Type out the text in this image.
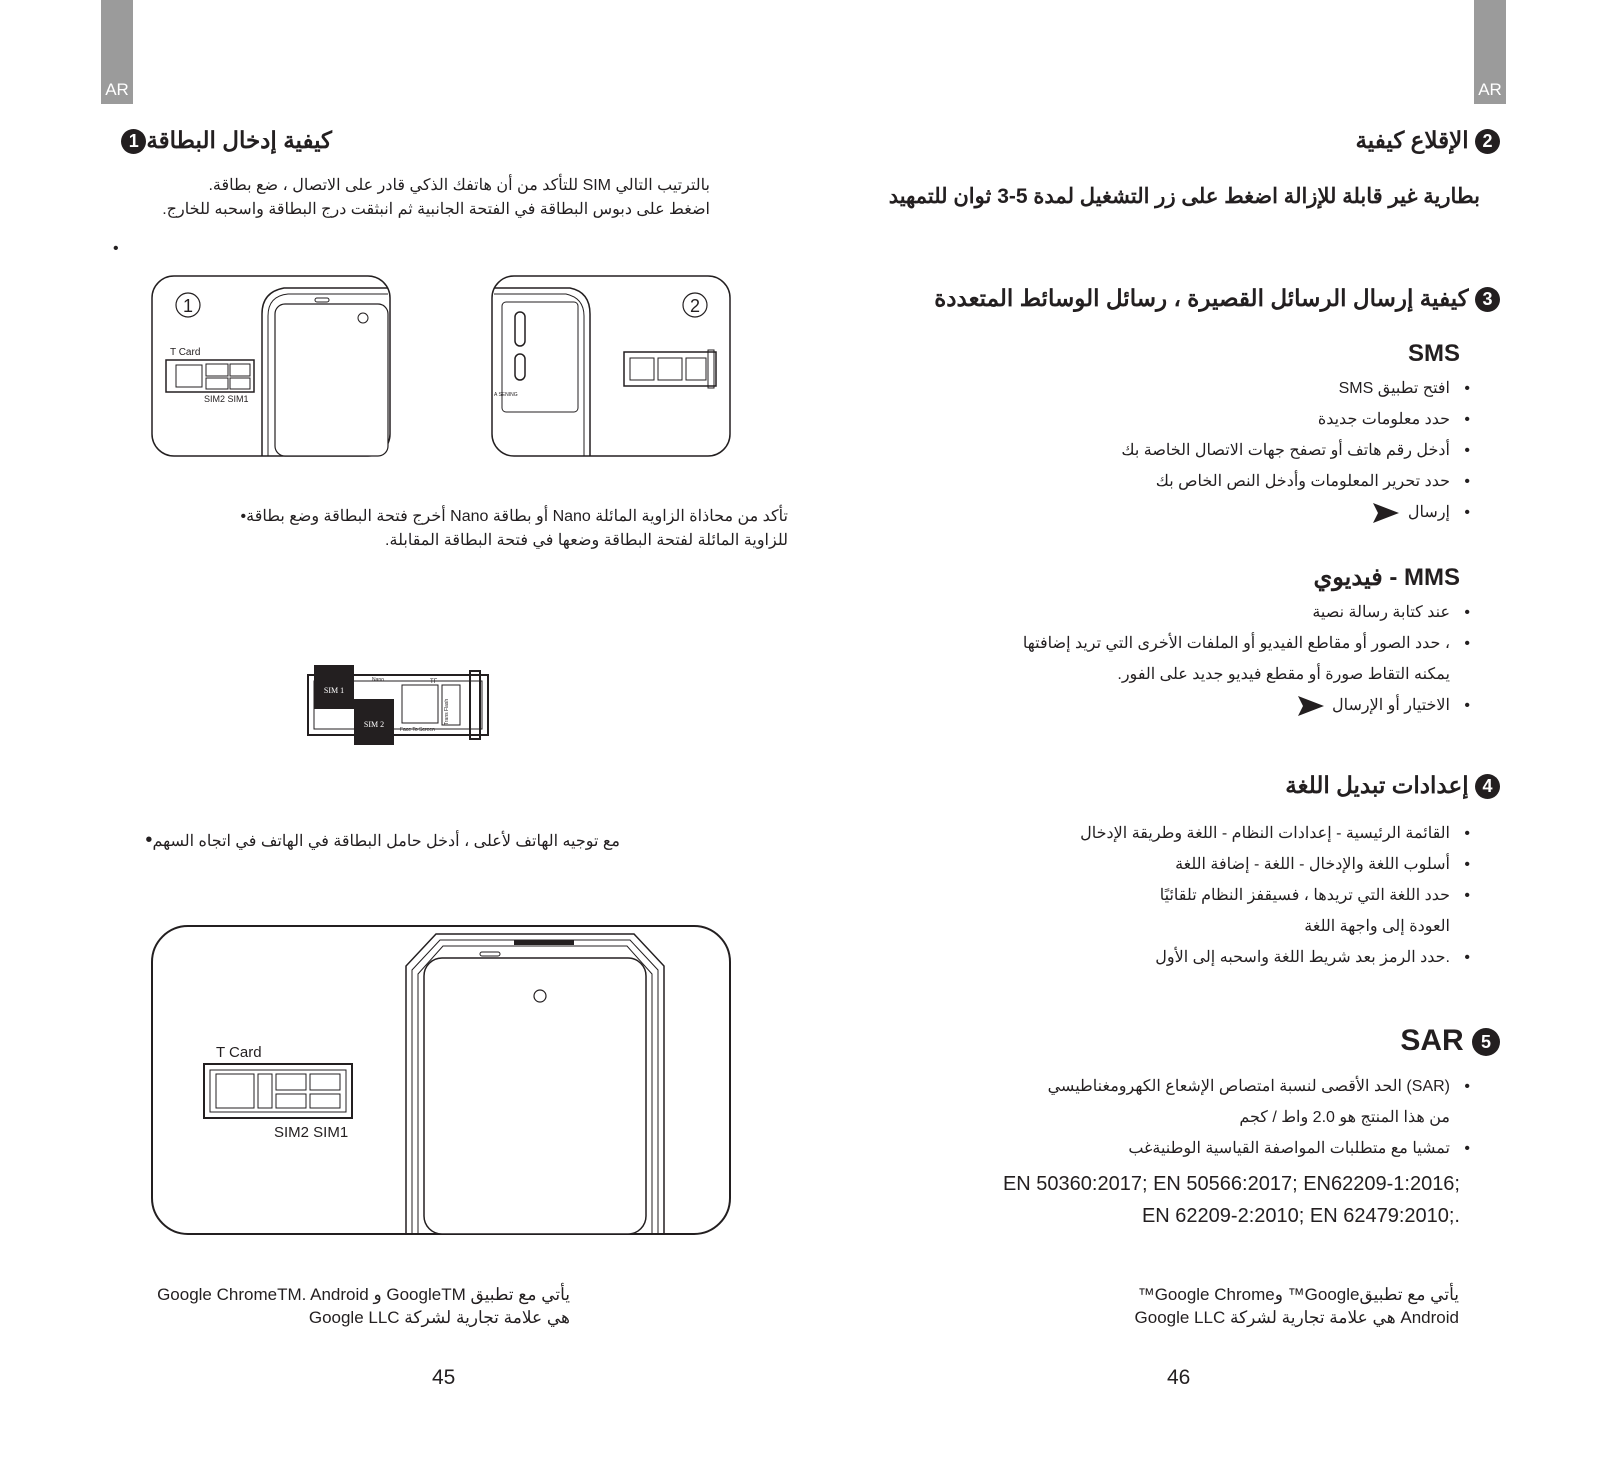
AR	AR
كيفية إدخال البطاقة1
بالترتيب التالي SIM للتأكد من أن هاتفك الذكي قادر على الاتصال ، ضع بطاقة.
اضغط على دبوس البطاقة في الفتحة الجانبية ثم انبثقت درج البطاقة واسحبه للخارج.
•
1
T Card
SIM2 SIM1	A SENING
2
تأكد من محاذاة الزاوية المائلة Nano أو بطاقة Nano أخرج فتحة البطاقة وضع بطاقة•
للزاوية المائلة لفتحة البطاقة وضعها في فتحة البطاقة المقابلة.
SIM 1
SIM 2
TF
Nano
Trans Flash
Face To Screen
مع توجيه الهاتف لأعلى ، أدخل حامل البطاقة في الهاتف في اتجاه السهم•
T Card
SIM2 SIM1
يأتي مع تطبيق GoogleTM و Google ChromeTM. Android
هي علامة تجارية لشركة Google LLC
45
2 الإقلاع كيفية
بطارية غير قابلة للإزالة اضغط على زر التشغيل لمدة 5-3 ثوان للتمهيد
3 كيفية إرسال الرسائل القصيرة ، رسائل الوسائط المتعددة
SMS
• افتح تطبيق SMS
• حدد معلومات جديدة
• أدخل رقم هاتف أو تصفح جهات الاتصال الخاصة بك
• حدد تحرير المعلومات وأدخل النص الخاص بك
• إرسال
MMS - فيديوي
• عند كتابة رسالة نصية
• ، حدد الصور أو مقاطع الفيديو أو الملفات الأخرى التي تريد إضافتها
يمكنه التقاط صورة أو مقطع فيديو جديد على الفور.
• الاختيار أو الإرسال
4 إعدادات تبديل اللغة
• القائمة الرئيسية - إعدادات النظام - اللغة وطريقة الإدخال
• أسلوب اللغة والإدخال - اللغة - إضافة اللغة
• حدد اللغة التي تريدها ، فسيقفز النظام تلقائيًا
العودة إلى واجهة اللغة
• .حدد الرمز بعد شريط اللغة واسحبه إلى الأول
5 SAR
• (SAR) الحد الأقصى لنسبة امتصاص الإشعاع الكهرومغناطيسي
من هذا المنتج هو 2.0 واط / كجم
• تمشيا مع متطلبات المواصفة القياسية الوطنيةغب
EN 50360:2017; EN 50566:2017; EN62209-1:2016;
EN 62209-2:2010; EN 62479:2010;.
يأتي مع تطبيقGoogle™ وGoogle Chrome™
Android هي علامة تجارية لشركة Google LLC
46
